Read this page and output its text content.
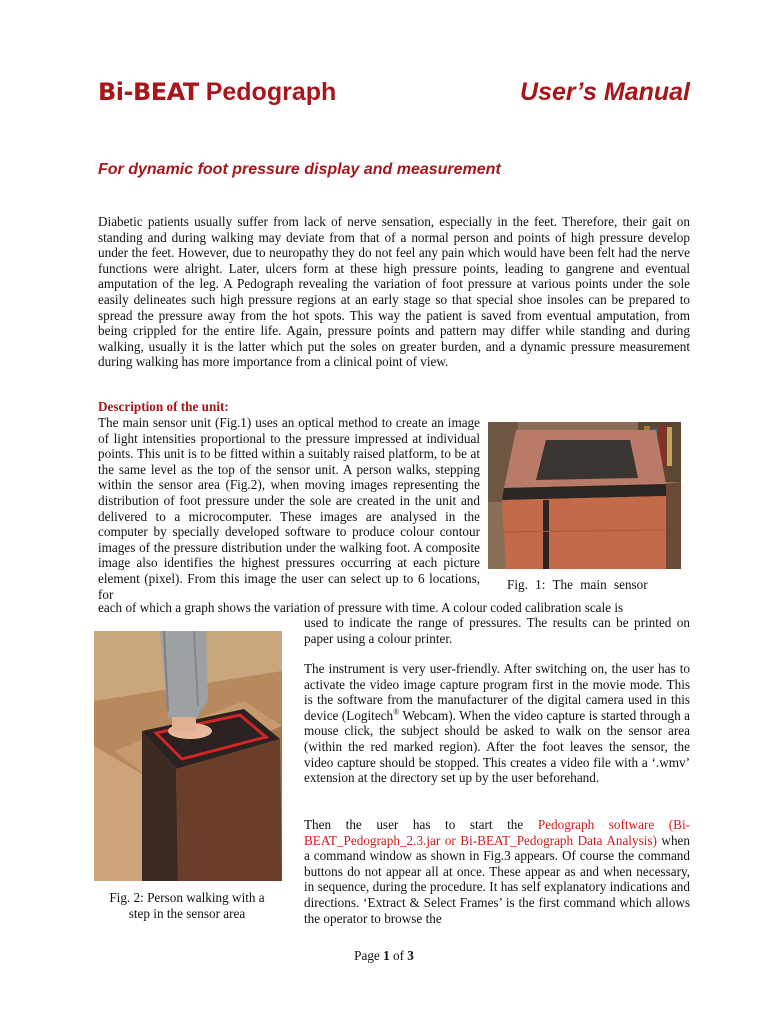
Bi-BEAT Pedograph	User’s Manual
For dynamic foot pressure display and measurement

Diabetic patients usually suffer from lack of nerve sensation, especially in the feet. Therefore, their gait on standing and during walking may deviate from that of a normal person and points of high pressure develop under the feet. However, due to neuropathy they do not feel any pain which would have been felt had the nerve functions were alright. Later, ulcers form at these high pressure points, leading to gangrene and eventual amputation of the leg. A Pedograph revealing the variation of foot pressure at various points under the sole easily delineates such high pressure regions at an early stage so that special shoe insoles can be prepared to spread the pressure away from the hot spots. This way the patient is saved from eventual amputation, from being crippled for the entire life. Again, pressure points and pattern may differ while standing and during walking, usually it is the latter which put the soles on greater burden, and a dynamic pressure measurement during walking has more importance from a clinical point of view.

Description of the unit:

The main sensor unit (Fig.1) uses an optical method to create an image of light intensities proportional to the pressure impressed at individual points. This unit is to be fitted within a suitably raised platform, to be at the same level as the top of the sensor unit. A person walks, stepping within the sensor area (Fig.2), when moving images representing the distribution of foot pressure under the sole are created in the unit and delivered to a microcomputer. These images are analysed in the computer by specially developed software to produce colour contour images of the pressure distribution under the walking foot. A composite image also identifies the highest pressures occurring at each picture element (pixel). From this image the user can select up to 6 locations, for

Fig. 1: The main sensor

each of which a graph shows the variation of pressure with time. A colour coded calibration scale is

used to indicate the range of pressures. The results can be printed on paper using a colour printer.

Fig. 2: Person walking with a step in the sensor area

The instrument is very user-friendly. After switching on, the user has to activate the video image capture program first in the movie mode. This is the software from the manufacturer of the digital camera used in this device (Logitech® Webcam). When the video capture is started through a mouse click, the subject should be asked to walk on the sensor area (within the red marked region). After the foot leaves the sensor, the video capture should be stopped. This creates a video file with a ‘.wmv’ extension at the directory set up by the user beforehand.

Then the user has to start the Pedograph software (Bi-BEAT_Pedograph_2.3.jar or Bi-BEAT_Pedograph Data Analysis) when a command window as shown in Fig.3 appears. Of course the command buttons do not appear all at once. These appear as and when necessary, in sequence, during the procedure. It has self explanatory indications and directions. ‘Extract & Select Frames’ is the first command which allows the operator to browse the

Page 1 of 3
